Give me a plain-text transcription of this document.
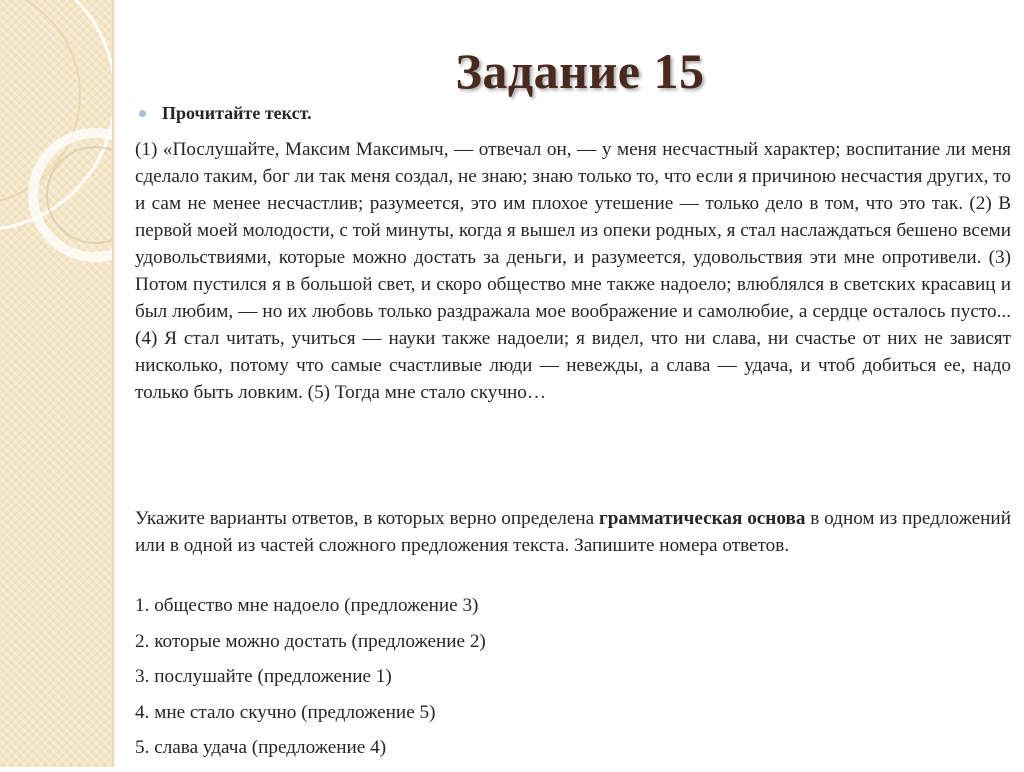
Задание 15
Прочитайте текст.

(1) «Послушайте, Максим Максимыч, — отвечал он, — у меня несчастный характер; воспитание ли меня сделало таким, бог ли так меня создал, не знаю; знаю только то, что если я причиною несчастия других, то и сам не менее несчастлив; разумеется, это им плохое утешение — только дело в том, что это так. (2) В первой моей молодости, с той минуты, когда я вышел из опеки родных, я стал наслаждаться бешено всеми удовольствиями, которые можно достать за деньги, и разумеется, удовольствия эти мне опротивели. (3) Потом пустился я в большой свет, и скоро общество мне также надоело; влюблялся в светских красавиц и был любим, — но их любовь только раздражала мое воображение и самолюбие, а сердце осталось пусто... (4) Я стал читать, учиться — науки также надоели; я видел, что ни слава, ни счастье от них не зависят нисколько, потому что самые счастливые люди — невежды, а слава — удача, и чтоб добиться ее, надо только быть ловким. (5) Тогда мне стало скучно…

Укажите варианты ответов, в которых верно определена грамматическая основа в одном из предложений или в одной из частей сложного предложения текста. Запишите номера ответов.

1. общество мне надоело (предложение 3)
2. которые можно достать (предложение 2)
3. послушайте (предложение 1)
4. мне стало скучно (предложение 5)
5. слава удача (предложение 4)
